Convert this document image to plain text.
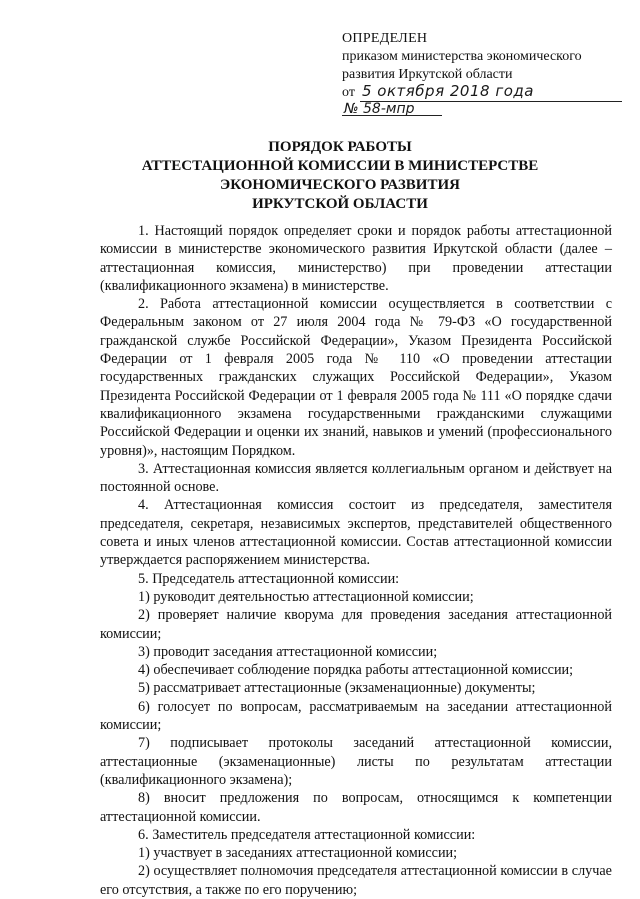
ОПРЕДЕЛЕН
приказом министерства экономического
развития Иркутской области
от 5 октября 2018 года
№ 58-мпр
ПОРЯДОК РАБОТЫ
АТТЕСТАЦИОННОЙ КОМИССИИ В МИНИСТЕРСТВЕ
ЭКОНОМИЧЕСКОГО РАЗВИТИЯ
ИРКУТСКОЙ ОБЛАСТИ

1. Настоящий порядок определяет сроки и порядок работы аттестационной комиссии в министерстве экономического развития Иркутской области (далее – аттестационная комиссия, министерство) при проведении аттестации (квалификационного экзамена) в министерстве.

2. Работа аттестационной комиссии осуществляется в соответствии с Федеральным законом от 27 июля 2004 года № 79-ФЗ «О государственной гражданской службе Российской Федерации», Указом Президента Российской Федерации от 1 февраля 2005 года № 110 «О проведении аттестации государственных гражданских служащих Российской Федерации», Указом Президента Российской Федерации от 1 февраля 2005 года № 111 «О порядке сдачи квалификационного экзамена государственными гражданскими служащими Российской Федерации и оценки их знаний, навыков и умений (профессионального уровня)», настоящим Порядком.

3. Аттестационная комиссия является коллегиальным органом и действует на постоянной основе.

4. Аттестационная комиссия состоит из председателя, заместителя председателя, секретаря, независимых экспертов, представителей общественного совета и иных членов аттестационной комиссии. Состав аттестационной комиссии утверждается распоряжением министерства.

5. Председатель аттестационной комиссии:

1) руководит деятельностью аттестационной комиссии;

2) проверяет наличие кворума для проведения заседания аттестационной комиссии;

3) проводит заседания аттестационной комиссии;

4) обеспечивает соблюдение порядка работы аттестационной комиссии;

5) рассматривает аттестационные (экзаменационные) документы;

6) голосует по вопросам, рассматриваемым на заседании аттестационной комиссии;

7) подписывает протоколы заседаний аттестационной комиссии, аттестационные (экзаменационные) листы по результатам аттестации (квалификационного экзамена);

8) вносит предложения по вопросам, относящимся к компетенции аттестационной комиссии.

6. Заместитель председателя аттестационной комиссии:

1) участвует в заседаниях аттестационной комиссии;

2) осуществляет полномочия председателя аттестационной комиссии в случае его отсутствия, а также по его поручению;
